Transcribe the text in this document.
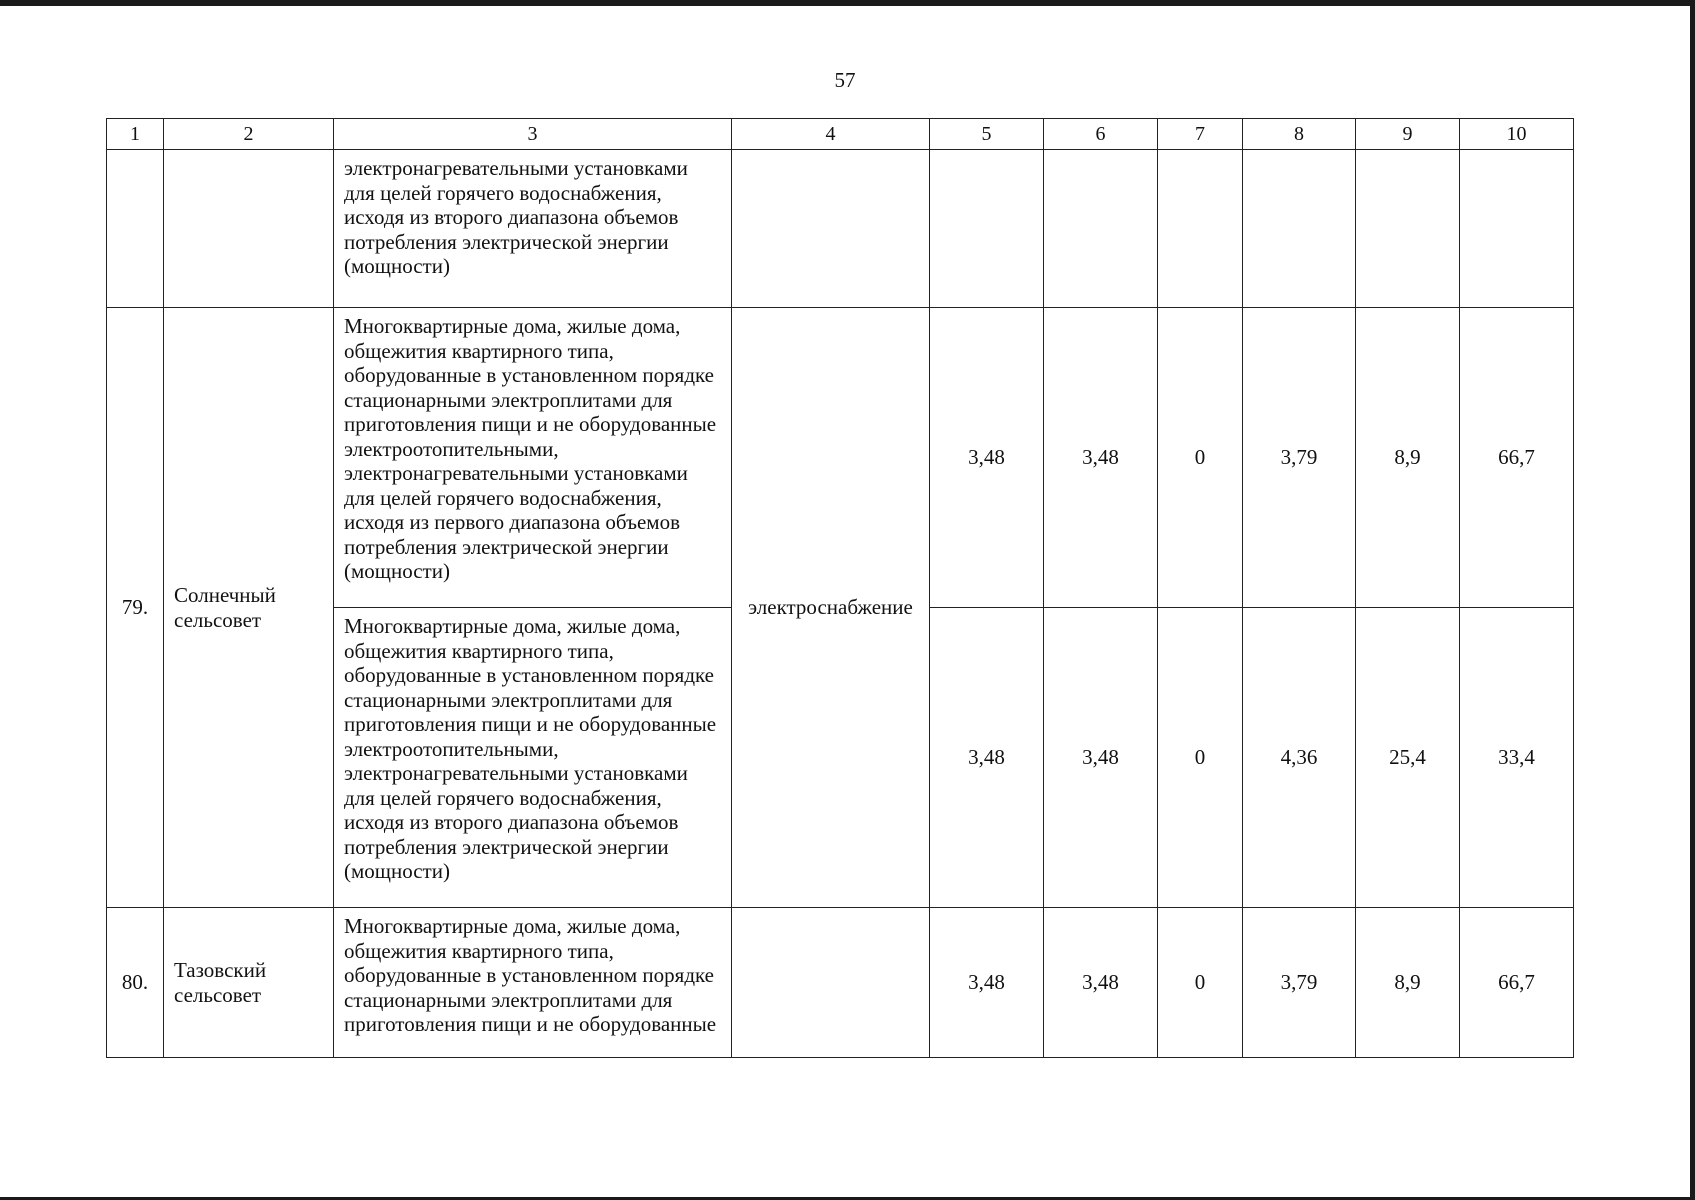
57
1	2	3	4	5	6	7	8	9	10
		электронагревательными установками для целей горячего водоснабжения, исходя из второго диапазона объемов потребления электрической энергии (мощности)							
79.	Солнечный сельсовет	Многоквартирные дома, жилые дома, общежития квартирного типа, оборудованные в установленном порядке стационарными электроплитами для приготовления пищи и не оборудованные электроотопительными, электронагревательными установками для целей горячего водоснабжения, исходя из первого диапазона объемов потребления электрической энергии (мощности)	электроснабжение	3,48	3,48	0	3,79	8,9	66,7
		Многоквартирные дома, жилые дома, общежития квартирного типа, оборудованные в установленном порядке стационарными электроплитами для приготовления пищи и не оборудованные электроотопительными, электронагревательными установками для целей горячего водоснабжения, исходя из второго диапазона объемов потребления электрической энергии (мощности)		3,48	3,48	0	4,36	25,4	33,4
80.	Тазовский сельсовет	Многоквартирные дома, жилые дома, общежития квартирного типа, оборудованные в установленном порядке стационарными электроплитами для приготовления пищи и не оборудованные		3,48	3,48	0	3,79	8,9	66,7
